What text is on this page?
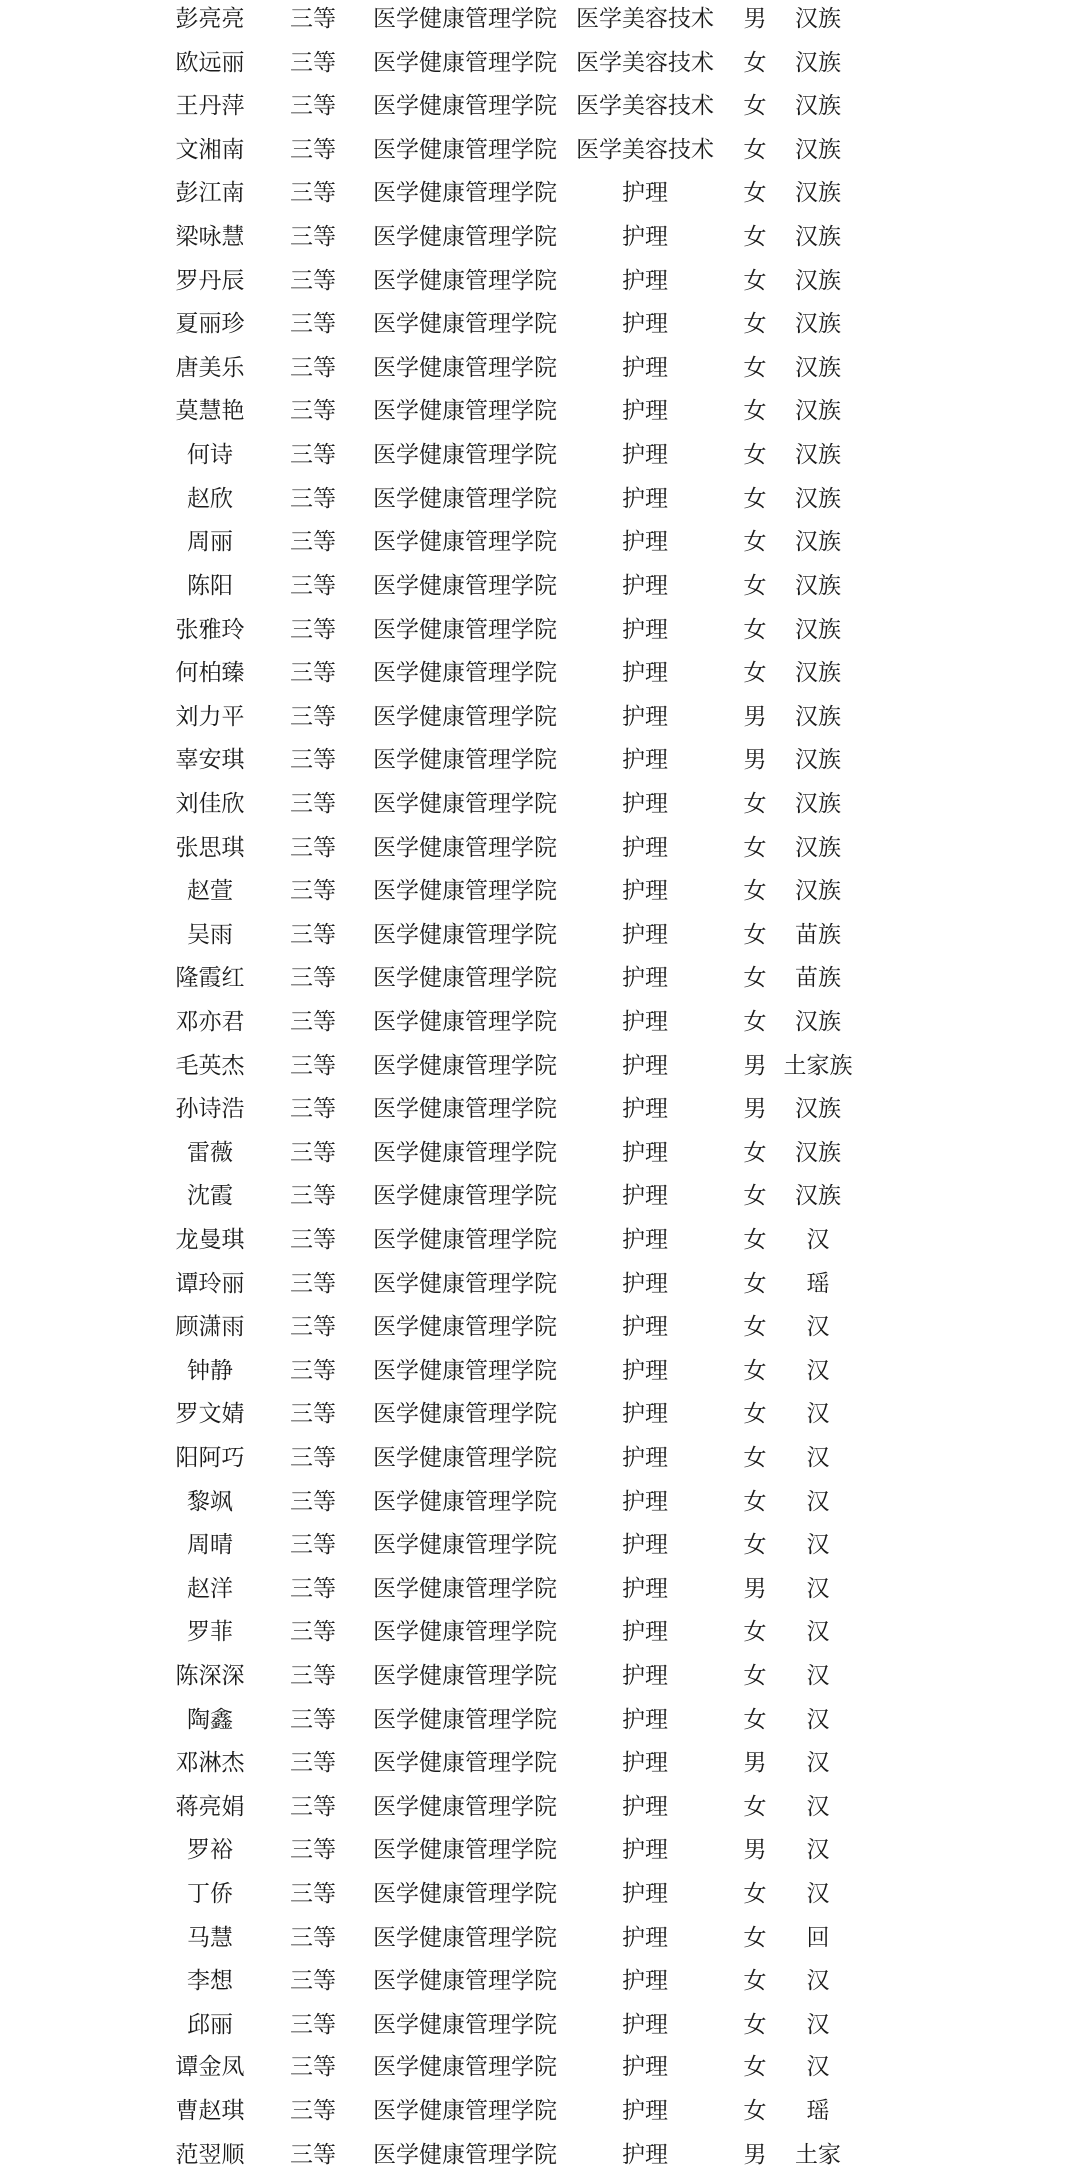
彭亮亮	三等	医学健康管理学院 医学美容技术	男	汉族
欧远丽	三等	医学健康管理学院 医学美容技术	女	汉族
王丹萍	三等	医学健康管理学院 医学美容技术	女	汉族
文湘南	三等	医学健康管理学院 医学美容技术	女	汉族
彭江南	三等	医学健康管理学院	护理	女	汉族
梁咏慧	三等	医学健康管理学院	护理	女	汉族
罗丹辰	三等	医学健康管理学院	护理	女	汉族
夏丽珍	三等	医学健康管理学院	护理	女	汉族
唐美乐	三等	医学健康管理学院	护理	女	汉族
莫慧艳	三等	医学健康管理学院	护理	女	汉族
何诗	三等	医学健康管理学院	护理	女	汉族
赵欣	三等	医学健康管理学院	护理	女	汉族
周丽	三等	医学健康管理学院	护理	女	汉族
陈阳	三等	医学健康管理学院	护理	女	汉族
张雅玲	三等	医学健康管理学院	护理	女	汉族
何柏臻	三等	医学健康管理学院	护理	女	汉族
刘力平	三等	医学健康管理学院	护理	男	汉族
辜安琪	三等	医学健康管理学院	护理	男	汉族
刘佳欣	三等	医学健康管理学院	护理	女	汉族
张思琪	三等	医学健康管理学院	护理	女	汉族
赵萱	三等	医学健康管理学院	护理	女	汉族
吴雨	三等	医学健康管理学院	护理	女	苗族
隆霞红	三等	医学健康管理学院	护理	女	苗族
邓亦君	三等	医学健康管理学院	护理	女	汉族
毛英杰	三等	医学健康管理学院	护理	男 土家族
孙诗浩	三等	医学健康管理学院	护理	男	汉族
雷薇	三等	医学健康管理学院	护理	女	汉族
沈霞	三等	医学健康管理学院	护理	女	汉族
龙曼琪	三等	医学健康管理学院	护理	女	汉
谭玲丽	三等	医学健康管理学院	护理	女	瑶
顾潇雨	三等	医学健康管理学院	护理	女	汉
钟静	三等	医学健康管理学院	护理	女	汉
罗文婧	三等	医学健康管理学院	护理	女	汉
阳阿巧	三等	医学健康管理学院	护理	女	汉
黎飒	三等	医学健康管理学院	护理	女	汉
周晴	三等	医学健康管理学院	护理	女	汉
赵洋	三等	医学健康管理学院	护理	男	汉
罗菲	三等	医学健康管理学院	护理	女	汉
陈深深	三等	医学健康管理学院	护理	女	汉
陶鑫	三等	医学健康管理学院	护理	女	汉
邓淋杰	三等	医学健康管理学院	护理	男	汉
蒋亮娟	三等	医学健康管理学院	护理	女	汉
罗裕	三等	医学健康管理学院	护理	男	汉
丁侨	三等	医学健康管理学院	护理	女	汉
马慧	三等	医学健康管理学院	护理	女	回
李想	三等	医学健康管理学院	护理	女	汉
邱丽	三等	医学健康管理学院	护理	女	汉
谭金凤	三等	医学健康管理学院	护理	女	汉
曹赵琪	三等	医学健康管理学院	护理	女	瑶
范翌顺	三等	医学健康管理学院	护理	男	土家
